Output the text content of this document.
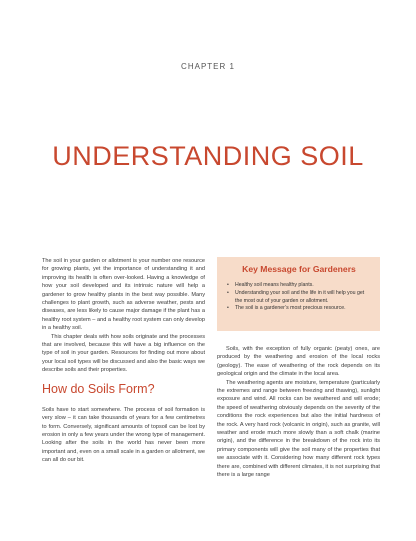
CHAPTER 1
UNDERSTANDING SOIL

The soil in your garden or allotment is your number one resource for growing plants, yet the importance of understanding it and improving its health is often over-looked. Having a knowledge of how your soil developed and its intrinsic nature will help a gardener to grow healthy plants in the best way possible. Many challenges to plant growth, such as adverse weather, pests and diseases, are less likely to cause major damage if the plant has a healthy root system – and a healthy root system can only develop in a healthy soil.

This chapter deals with how soils originate and the processes that are involved, because this will have a big influence on the type of soil in your garden. Resources for finding out more about your local soil types will be discussed and also the basic ways we describe soils and their properties.

How do Soils Form?

Soils have to start somewhere. The process of soil formation is very slow – it can take thousands of years for a few centimetres to form. Conversely, significant amounts of topsoil can be lost by erosion in only a few years under the wrong type of management. Looking after the soils in the world has never been more important and, even on a small scale in a garden or allotment, we can all do our bit.

Key Message for Gardeners
• Healthy soil means healthy plants.
• Understanding your soil and the life in it will help you get the most out of your garden or allotment.
• The soil is a gardener’s most precious resource.

Soils, with the exception of fully organic (peaty) ones, are produced by the weathering and erosion of the local rocks (geology). The ease of weathering of the rock depends on its geological origin and the climate in the local area.

The weathering agents are moisture, temperature (particularly the extremes and range between freezing and thawing), sunlight exposure and wind. All rocks can be weathered and will erode; the speed of weathering obviously depends on the severity of the conditions the rock experiences but also the initial hardness of the rock. A very hard rock (volcanic in origin), such as granite, will weather and erode much more slowly than a soft chalk (marine origin), and the difference in the breakdown of the rock into its primary components will give the soil many of the properties that we associate with it. Considering how many different rock types there are, combined with different climates, it is not surprising that there is a large range
